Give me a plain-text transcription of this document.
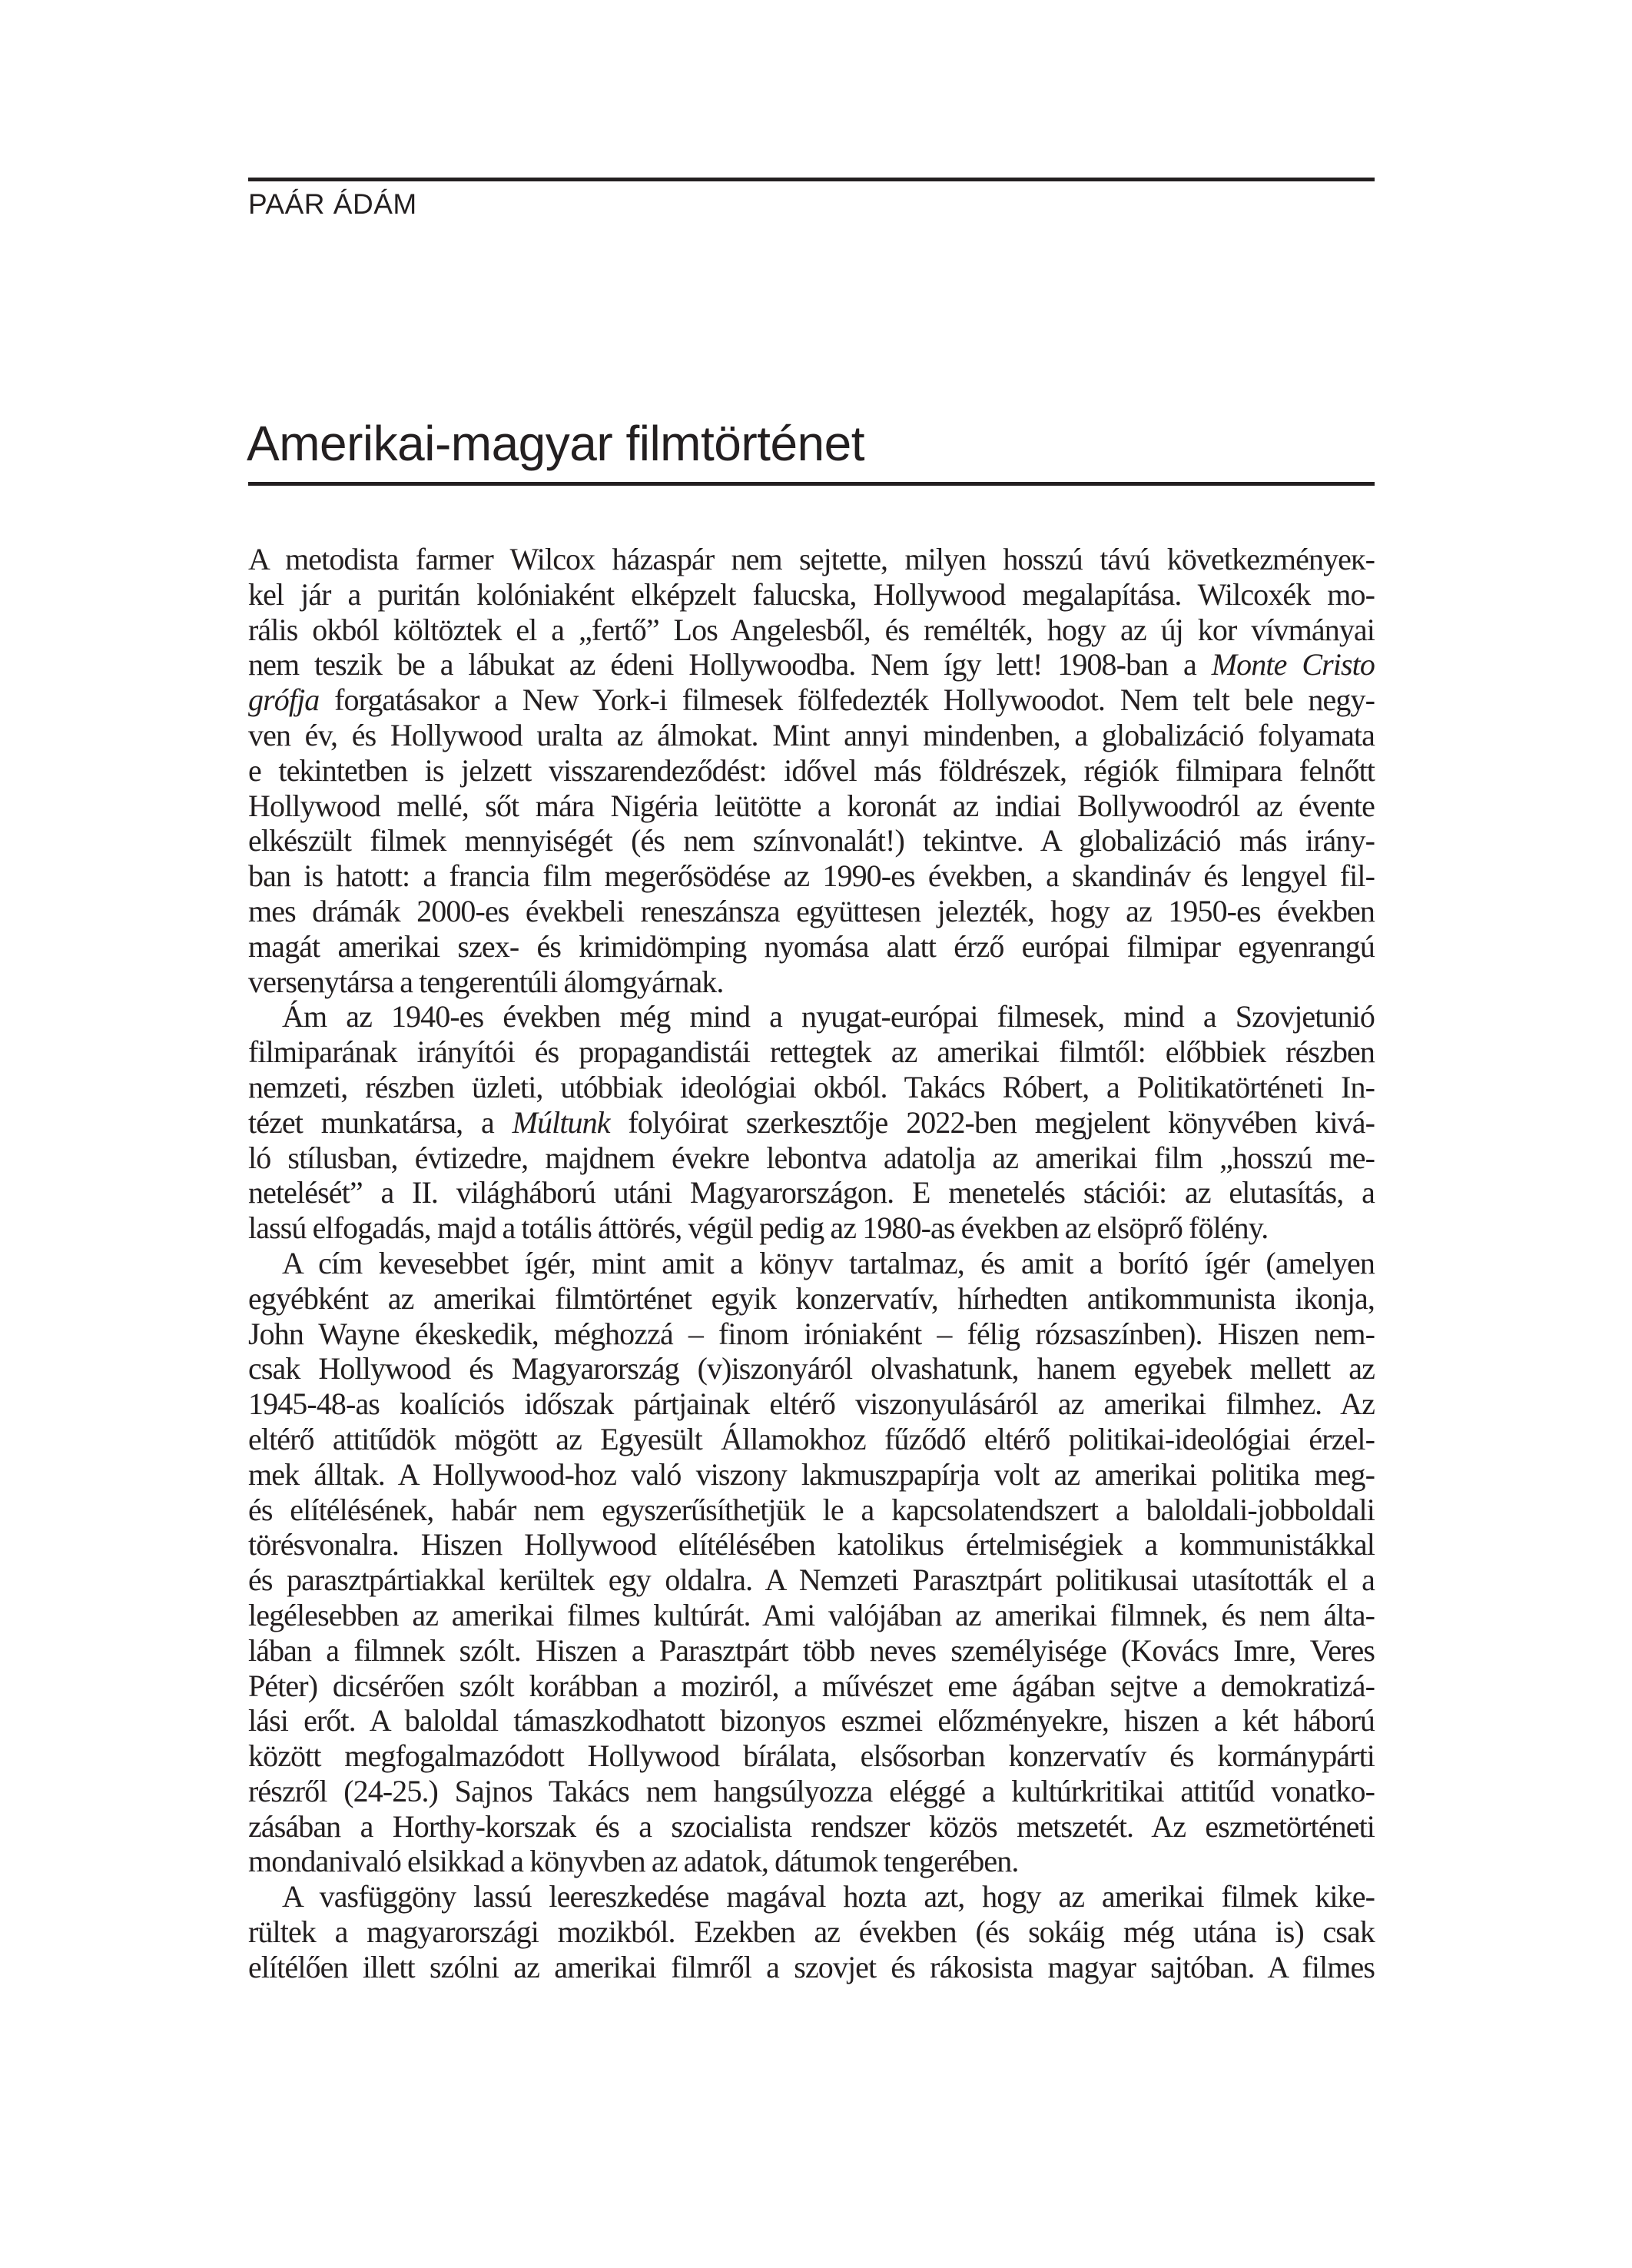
PAÁR ÁDÁM
Amerikai-magyar filmtörténet
A metodista farmer Wilcox házaspár nem sejtette, milyen hosszú távú következményeк-
kel jár a puritán kolóniaként elképzelt falucska, Hollywood megalapítása. Wilcoxék mo-
rális okból költöztek el a „fertő” Los Angelesből, és remélték, hogy az új kor vívmányai
nem teszik be a lábukat az édeni Hollywoodba. Nem így lett! 1908-ban a Monte Cristo
grófja forgatásakor a New York-i filmesek fölfedezték Hollywoodot. Nem telt bele negy-
ven év, és Hollywood uralta az álmokat. Mint annyi mindenben, a globalizáció folyamata
e tekintetben is jelzett visszarendeződést: idővel más földrészek, régiók filmipara felnőtt
Hollywood mellé, sőt mára Nigéria leütötte a koronát az indiai Bollywoodról az évente
elkészült filmek mennyiségét (és nem színvonalát!) tekintve. A globalizáció más irány-
ban is hatott: a francia film megerősödése az 1990-es években, a skandináv és lengyel fil-
mes drámák 2000-es évekbeli reneszánsza együttesen jelezték, hogy az 1950-es években
magát amerikai szex- és krimidömping nyomása alatt érző európai filmipar egyenrangú
versenytársa a tengerentúli álomgyárnak.
Ám az 1940-es években még mind a nyugat-európai filmesek, mind a Szovjetunió
filmiparának irányítói és propagandistái rettegtek az amerikai filmtől: előbbiek részben
nemzeti, részben üzleti, utóbbiak ideológiai okból. Takács Róbert, a Politikatörténeti In-
tézet munkatársa, a Múltunk folyóirat szerkesztője 2022-ben megjelent könyvében kivá-
ló stílusban, évtizedre, majdnem évekre lebontva adatolja az amerikai film „hosszú me-
netelését” a II. világháború utáni Magyarországon. E menetelés stációi: az elutasítás, a
lassú elfogadás, majd a totális áttörés, végül pedig az 1980-as években az elsöprő fölény.
A cím kevesebbet ígér, mint amit a könyv tartalmaz, és amit a borító ígér (amelyen
egyébként az amerikai filmtörténet egyik konzervatív, hírhedten antikommunista ikonja,
John Wayne ékeskedik, méghozzá – finom iróniaként – félig rózsaszínben). Hiszen nem-
csak Hollywood és Magyarország (v)iszonyáról olvashatunk, hanem egyebek mellett az
1945-48-as koalíciós időszak pártjainak eltérő viszonyulásáról az amerikai filmhez. Az
eltérő attitűdök mögött az Egyesült Államokhoz fűződő eltérő politikai-ideológiai érzel-
mek álltak. A Hollywood-hoz való viszony lakmuszpapírja volt az amerikai politika meg-
és elítélésének, habár nem egyszerűsíthetjük le a kapcsolatendszert a baloldali-jobboldali
törésvonalra. Hiszen Hollywood elítélésében katolikus értelmiségiek a kommunistákkal
és parasztpártiakkal kerültek egy oldalra. A Nemzeti Parasztpárt politikusai utasították el a
legélesebben az amerikai filmes kultúrát. Ami valójában az amerikai filmnek, és nem álta-
lában a filmnek szólt. Hiszen a Parasztpárt több neves személyisége (Kovács Imre, Veres
Péter) dicsérően szólt korábban a moziról, a művészet eme ágában sejtve a demokratizá-
lási erőt. A baloldal támaszkodhatott bizonyos eszmei előzményekre, hiszen a két háború
között megfogalmazódott Hollywood bírálata, elsősorban konzervatív és kormánypárti
részről (24-25.) Sajnos Takács nem hangsúlyozza eléggé a kultúrkritikai attitűd vonatko-
zásában a Horthy-korszak és a szocialista rendszer közös metszetét. Az eszmetörténeti
mondanivaló elsikkad a könyvben az adatok, dátumok tengerében.
A vasfüggöny lassú leereszkedése magával hozta azt, hogy az amerikai filmek kike-
rültek a magyarországi mozikból. Ezekben az években (és sokáig még utána is) csak
elítélően illett szólni az amerikai filmről a szovjet és rákosista magyar sajtóban. A filmes
